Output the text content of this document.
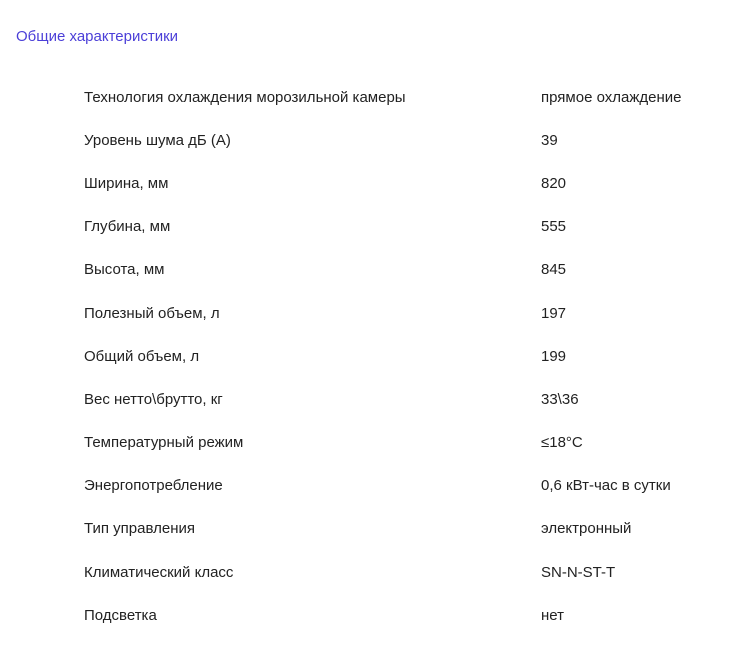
Общие характеристики
Технология охлаждения морозильной камеры	прямое охлаждение
Уровень шума дБ (А)	39
Ширина, мм	820
Глубина, мм	555
Высота, мм	845
Полезный объем, л	197
Общий объем, л	199
Вес нетто\брутто, кг	33\36
Температурный режим	≤18°C
Энергопотребление	0,6 кВт-час в сутки
Тип управления	электронный
Климатический класс	SN-N-ST-T
Подсветка	нет
